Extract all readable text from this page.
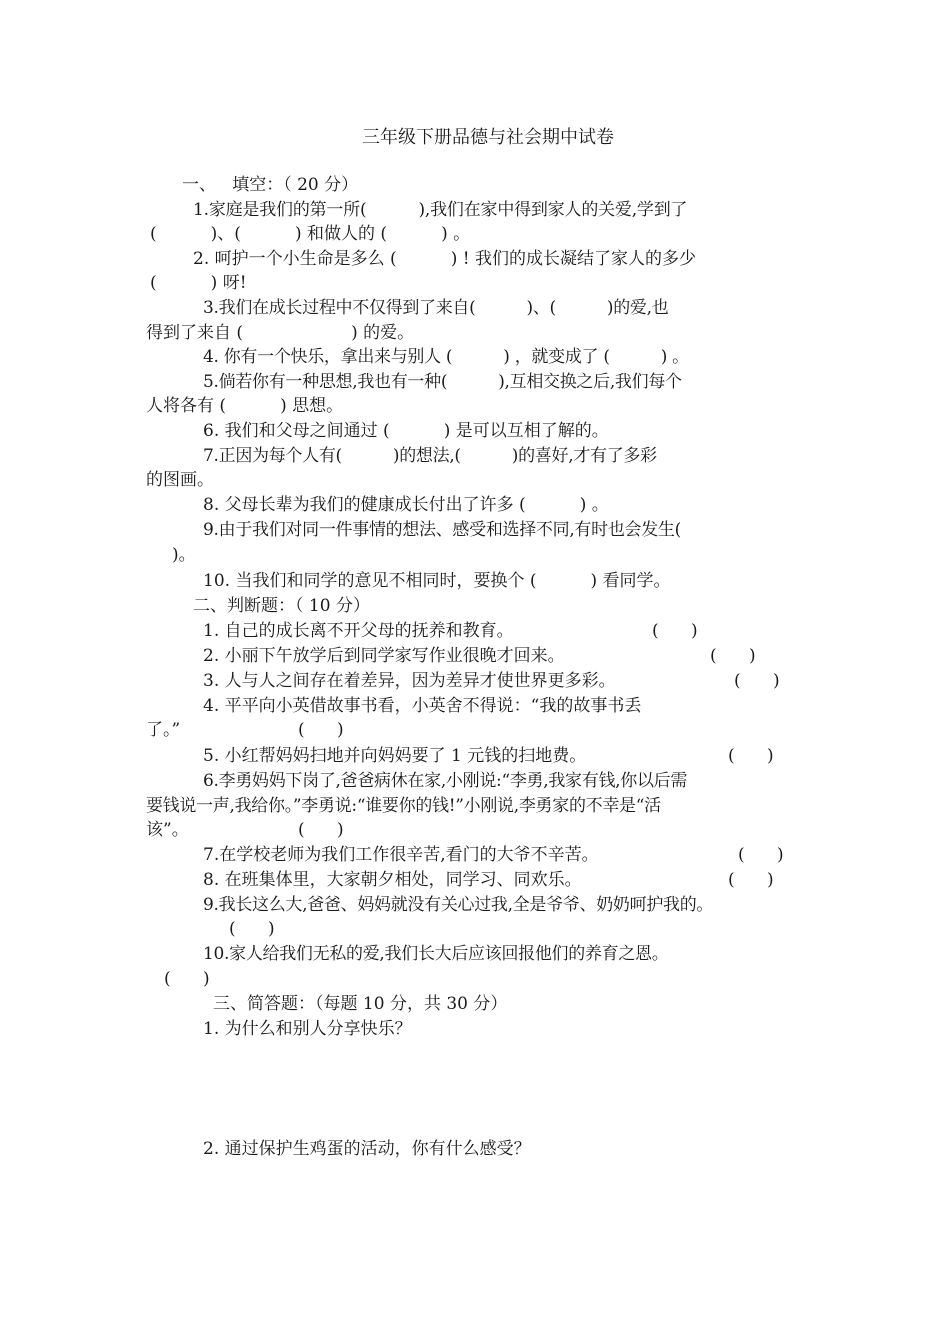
三年级下册品德与社会期中试卷
一、   填空：（ 20 分）
1.家庭是我们的第一所(          ),我们在家中得到家人的关爱,学到了
(          )、(          ) 和做人的 (          ) 。
2. 呵护一个小生命是多么 (          ) ! 我们的成长凝结了家人的多少
(          ) 呀!
3.我们在成长过程中不仅得到了来自(          )、(          )的爱,也
得到了来自 (                    ) 的爱。
4. 你有一个快乐，拿出来与别人 (          ) ，就变成了 (          ) 。
5.倘若你有一种思想,我也有一种(          ),互相交换之后,我们每个
人将各有 (          ) 思想。
6. 我们和父母之间通过 (          ) 是可以互相了解的。
7.正因为每个人有(          )的想法,(          )的喜好,才有了多彩
的图画。
8. 父母长辈为我们的健康成长付出了许多 (          ) 。
9.由于我们对同一件事情的想法、感受和选择不同,有时也会发生(
)。
10. 当我们和同学的意见不相同时，要换个 (          ) 看同学。
二、判断题：（ 10 分）
1. 自己的成长离不开父母的抚养和教育。	(      )
2. 小丽下午放学后到同学家写作业很晚才回来。	(      )
3. 人与人之间存在着差异，因为差异才使世界更多彩。	(      )
4. 平平向小英借故事书看，小英舍不得说：“我的故事书丢
了。”	(      )
5. 小红帮妈妈扫地并向妈妈要了 1 元钱的扫地费。	(      )
6.李勇妈妈下岗了,爸爸病休在家,小刚说:“李勇,我家有钱,你以后需
要钱说一声,我给你。”李勇说:“谁要你的钱!”小刚说,李勇家的不幸是“活
该”。	(      )
7.在学校老师为我们工作很辛苦,看门的大爷不辛苦。	(      )
8. 在班集体里，大家朝夕相处，同学习、同欢乐。	(      )
9.我长这么大,爸爸、妈妈就没有关心过我,全是爷爷、奶奶呵护我的。
(      )
10.家人给我们无私的爱,我们长大后应该回报他们的养育之恩。
(      )
三、简答题：（每题 10 分，共 30 分）
1. 为什么和别人分享快乐？
2. 通过保护生鸡蛋的活动，你有什么感受？
